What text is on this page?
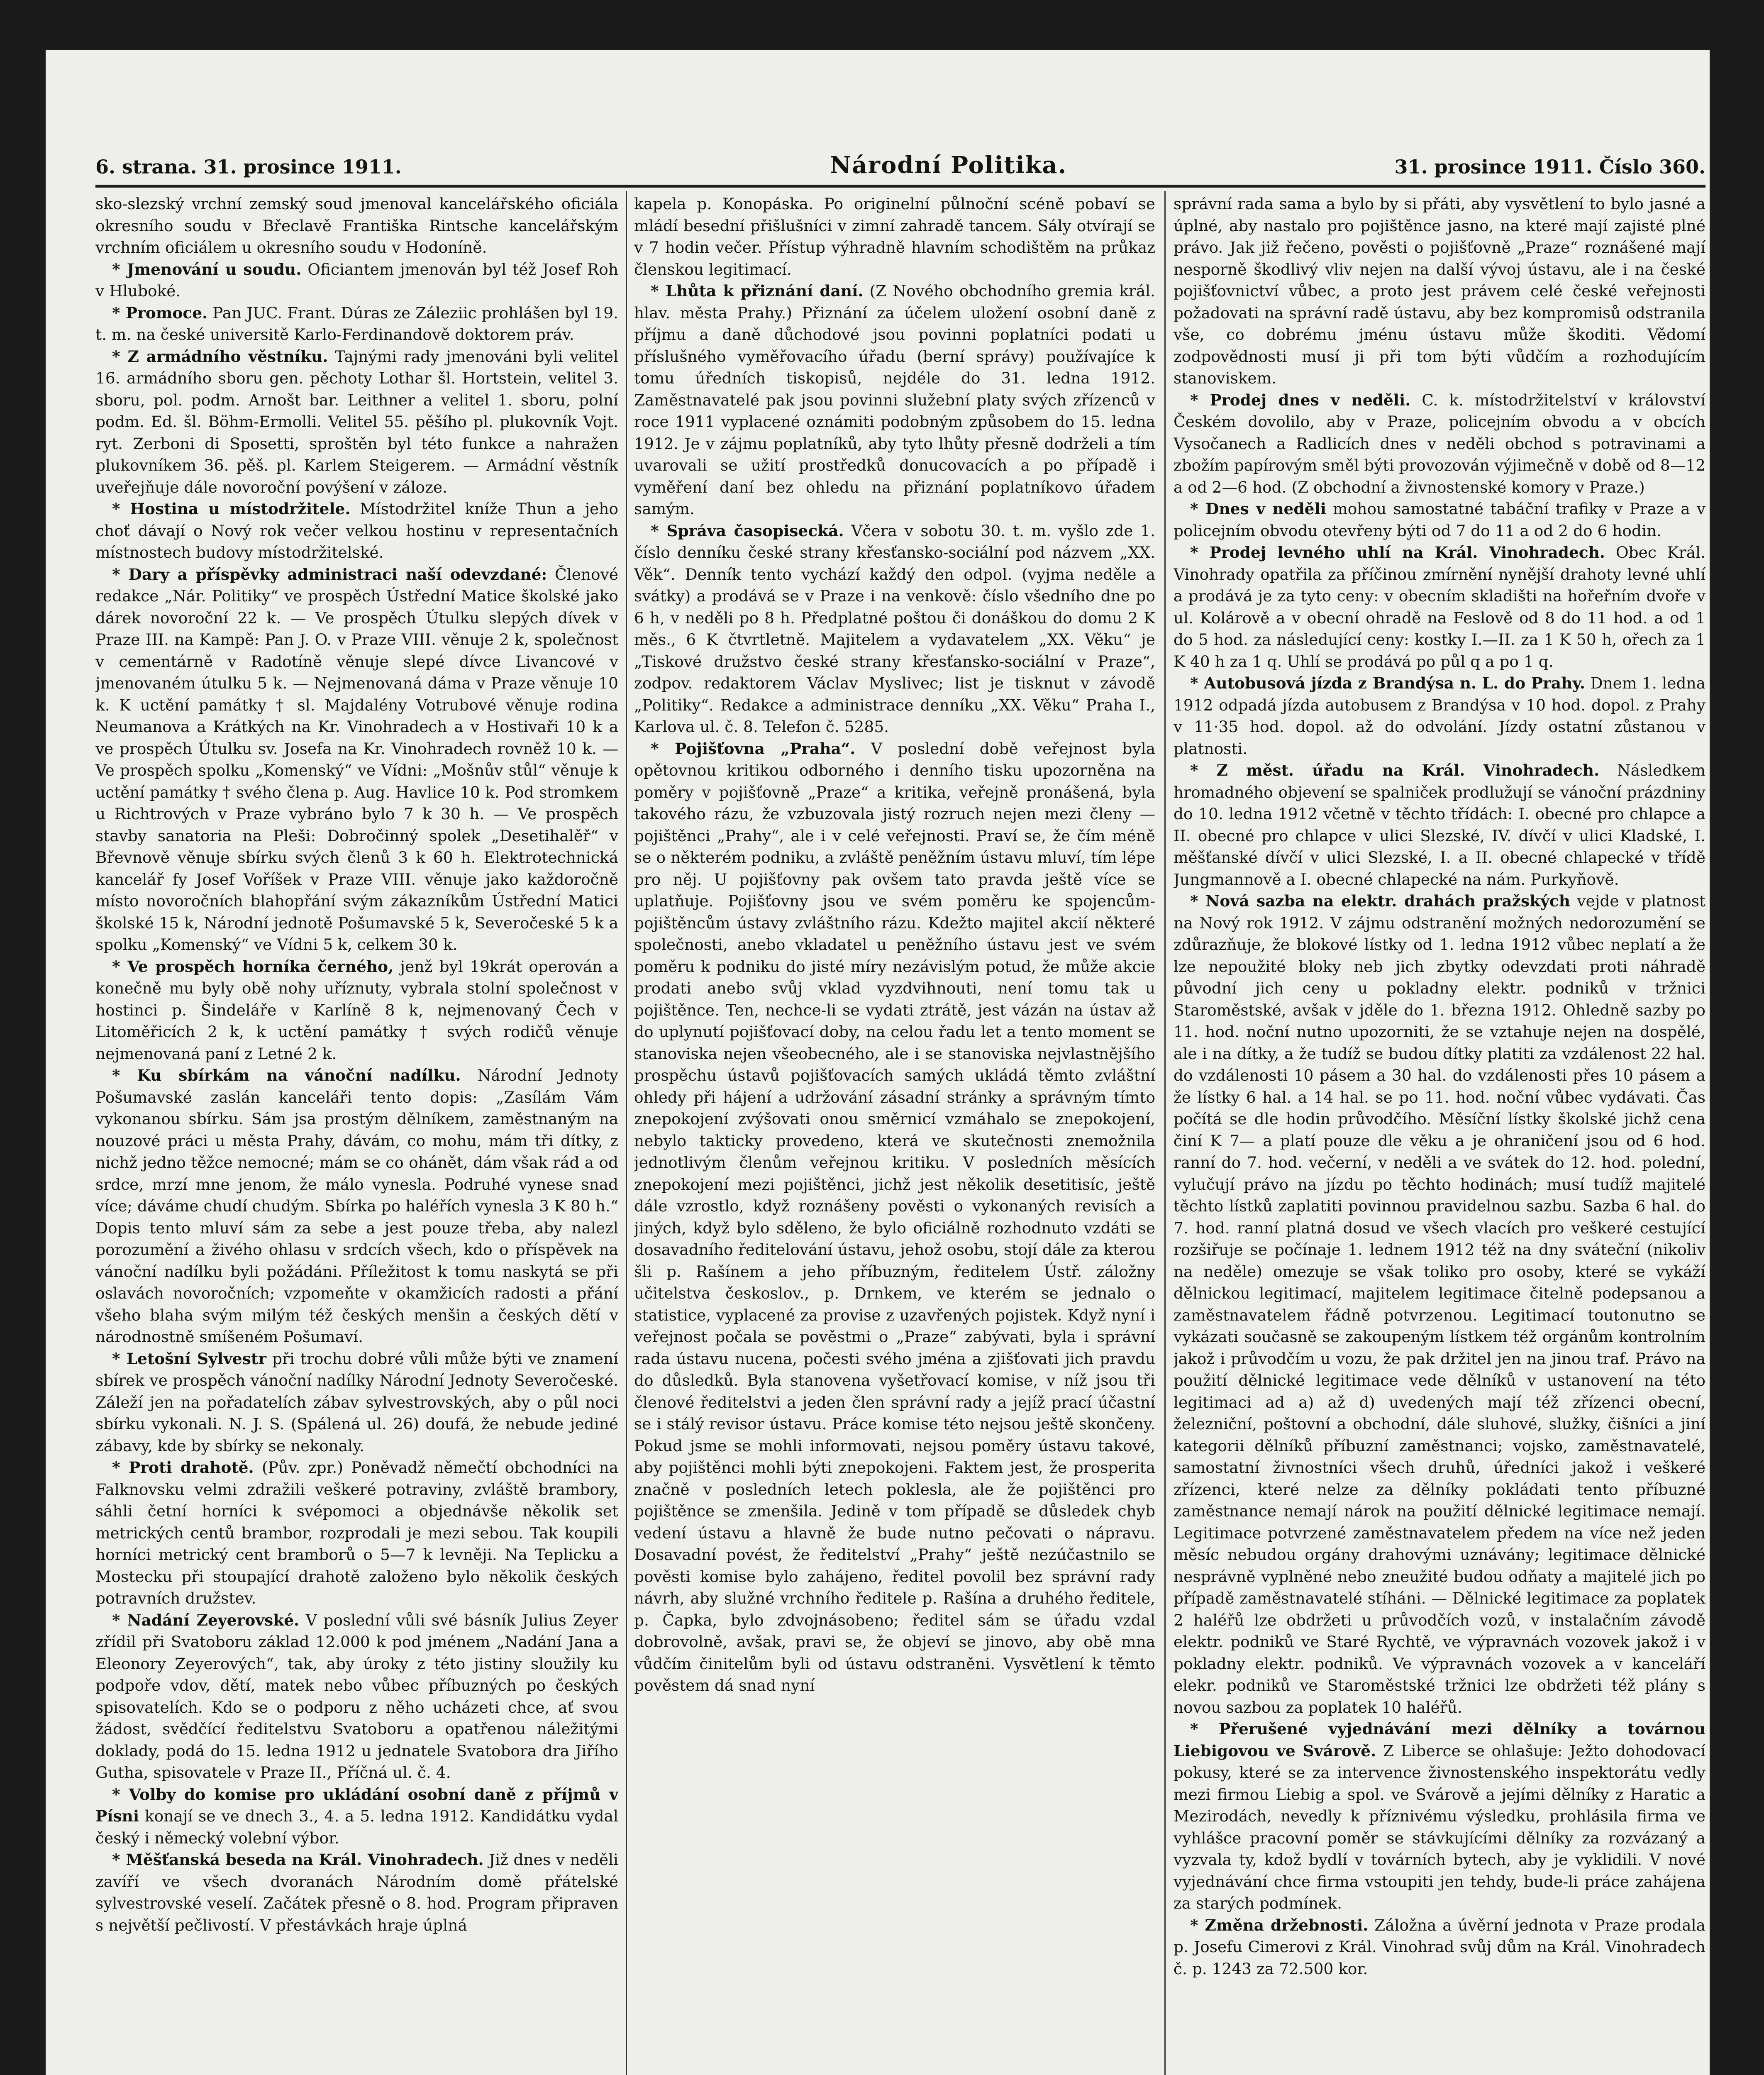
6. strana. 31. prosince 1911.	Národní Politika.	31. prosince 1911. Číslo 360.

sko-slezský vrchní zemský soud jmenoval kancelářského oficiála okresního soudu v Břeclavě Františka Rintsche kancelářským vrchním oficiálem u okresního soudu v Hodoníně.

* Jmenování u soudu. Oficiantem jmenován byl též Josef Roh v Hluboké.

* Promoce. Pan JUC. Frant. Dúras ze Záleziic prohlášen byl 19. t. m. na české universitě Karlo-Ferdinandově doktorem práv.

* Z armádního věstníku. Tajnými rady jmenováni byli velitel 16. armádního sboru gen. pěchoty Lothar šl. Hortstein, velitel 3. sboru, pol. podm. Arnošt bar. Leithner a velitel 1. sboru, polní podm. Ed. šl. Böhm-Ermolli. Velitel 55. pěšího pl. plukovník Vojt. ryt. Zerboni di Sposetti, sproštěn byl této funkce a nahražen plukovníkem 36. pěš. pl. Karlem Steigerem. — Armádní věstník uveřejňuje dále novoroční povýšení v záloze.

* Hostina u místodržitele. Místodržitel kníže Thun a jeho choť dávají o Nový rok večer velkou hostinu v representačních místnostech budovy místodržitelské.

* Dary a příspěvky administraci naší odevzdané: Členové redakce „Nár. Politiky“ ve prospěch Ústřední Matice školské jako dárek novoroční 22 k. — Ve prospěch Útulku slepých dívek v Praze III. na Kampě: Pan J. O. v Praze VIII. věnuje 2 k, společnost v cementárně v Radotíně věnuje slepé dívce Livancové v jmenovaném útulku 5 k. — Nejmenovaná dáma v Praze věnuje 10 k. K uctění památky † sl. Majdalény Votrubové věnuje rodina Neumanova a Krátkých na Kr. Vinohradech a v Hostivaři 10 k a ve prospěch Útulku sv. Josefa na Kr. Vinohradech rovněž 10 k. — Ve prospěch spolku „Komenský“ ve Vídni: „Mošnův stůl“ věnuje k uctění památky † svého člena p. Aug. Havlice 10 k. Pod stromkem u Richtrových v Praze vybráno bylo 7 k 30 h. — Ve prospěch stavby sanatoria na Pleši: Dobročinný spolek „Desetihalěř“ v Břevnově věnuje sbírku svých členů 3 k 60 h. Elektrotechnická kancelář fy Josef Voříšek v Praze VIII. věnuje jako každoročně místo novoročních blahopřání svým zákazníkům Ústřední Matici školské 15 k, Národní jednotě Pošumavské 5 k, Severočeské 5 k a spolku „Komenský“ ve Vídni 5 k, celkem 30 k.

* Ve prospěch horníka černého, jenž byl 19krát operován a konečně mu byly obě nohy uříznuty, vybrala stolní společnost v hostinci p. Šindeláře v Karlíně 8 k, nejmenovaný Čech v Litoměřicích 2 k, k uctění památky † svých rodičů věnuje nejmenovaná paní z Letné 2 k.

* Ku sbírkám na vánoční nadílku. Národní Jednoty Pošumavské zaslán kanceláři tento dopis: „Zasílám Vám vykonanou sbírku. Sám jsa prostým dělníkem, zaměstnaným na nouzové práci u města Prahy, dávám, co mohu, mám tři dítky, z nichž jedno těžce nemocné; mám se co ohánět, dám však rád a od srdce, mrzí mne jenom, že málo vynesla. Podruhé vynese snad více; dáváme chudí chudým. Sbírka po haléřích vynesla 3 K 80 h.“ Dopis tento mluví sám za sebe a jest pouze třeba, aby nalezl porozumění a živého ohlasu v srdcích všech, kdo o příspěvek na vánoční nadílku byli požádáni. Příležitost k tomu naskytá se při oslavách novoročních; vzpomeňte v okamžicích radosti a přání všeho blaha svým milým též českých menšin a českých dětí v národnostně smíšeném Pošumaví.

* Letošní Sylvestr při trochu dobré vůli může býti ve znamení sbírek ve prospěch vánoční nadílky Národní Jednoty Severočeské. Záleží jen na pořadatelích zábav sylvestrovských, aby o půl noci sbírku vykonali. N. J. S. (Spálená ul. 26) doufá, že nebude jediné zábavy, kde by sbírky se nekonaly.

* Proti drahotě. (Pův. zpr.) Poněvadž němečtí obchodníci na Falknovsku velmi zdražili veškeré potraviny, zvláště brambory, sáhli četní horníci k svépomoci a objednávše několik set metrických centů brambor, rozprodali je mezi sebou. Tak koupili horníci metrický cent bramborů o 5—7 k levněji. Na Teplicku a Mostecku při stoupající drahotě založeno bylo několik českých potravních družstev.

* Nadání Zeyerovské. V poslední vůli své básník Julius Zeyer zřídil při Svatoboru základ 12.000 k pod jménem „Nadání Jana a Eleonory Zeyerových“, tak, aby úroky z této jistiny sloužily ku podpoře vdov, dětí, matek nebo vůbec příbuzných po českých spisovatelích. Kdo se o podporu z něho ucházeti chce, ať svou žádost, svědčící ředitelstvu Svatoboru a opatřenou náležitými doklady, podá do 15. ledna 1912 u jednatele Svatobora dra Jiřího Gutha, spisovatele v Praze II., Příčná ul. č. 4.

* Volby do komise pro ukládání osobní daně z příjmů v Písni konají se ve dnech 3., 4. a 5. ledna 1912. Kandidátku vydal český i německý volební výbor.

* Měšťanská beseda na Král. Vinohradech. Již dnes v neděli zavíří ve všech dvoranách Národním domě přátelské sylvestrovské veselí. Začátek přesně o 8. hod. Program připraven s největší pečlivostí. V přestávkách hraje úplná

kapela p. Konopáska. Po originelní půlnoční scéně pobaví se mládí besední přišlušníci v zimní zahradě tancem. Sály otvírají se v 7 hodin večer. Přístup výhradně hlavním schodištěm na průkaz členskou legitimací.

* Lhůta k přiznání daní. (Z Nového obchodního gremia král. hlav. města Prahy.) Přiznání za účelem uložení osobní daně z příjmu a daně důchodové jsou povinni poplatníci podati u příslušného vyměřovacího úřadu (berní správy) používajíce k tomu úředních tiskopisů, nejdéle do 31. ledna 1912. Zaměstnavatelé pak jsou povinni služební platy svých zřízenců v roce 1911 vyplacené oznámiti podobným způsobem do 15. ledna 1912. Je v zájmu poplatníků, aby tyto lhůty přesně dodrželi a tím uvarovali se užití prostředků donucovacích a po případě i vyměření daní bez ohledu na přiznání poplatníkovo úřadem samým.

* Správa časopisecká. Včera v sobotu 30. t. m. vyšlo zde 1. číslo denníku české strany křesťansko-sociální pod názvem „XX. Věk“. Denník tento vychází každý den odpol. (vyjma neděle a svátky) a prodává se v Praze i na venkově: číslo všedního dne po 6 h, v neděli po 8 h. Předplatné poštou či donáškou do domu 2 K měs., 6 K čtvrtletně. Majitelem a vydavatelem „XX. Věku“ je „Tiskové družstvo české strany křesťansko-sociální v Praze“, zodpov. redaktorem Václav Myslivec; list je tisknut v závodě „Politiky“. Redakce a administrace denníku „XX. Věku“ Praha I., Karlova ul. č. 8. Telefon č. 5285.

* Pojišťovna „Praha“. V poslední době veřejnost byla opětovnou kritikou odborného i denního tisku upozorněna na poměry v pojišťovně „Praze“ a kritika, veřejně pronášená, byla takového rázu, že vzbuzovala jistý rozruch nejen mezi členy — pojištěnci „Prahy“, ale i v celé veřejnosti. Praví se, že čím méně se o některém podniku, a zvláště peněžním ústavu mluví, tím lépe pro něj. U pojišťovny pak ovšem tato pravda ještě více se uplatňuje. Pojišťovny jsou ve svém poměru ke spojencům-pojištěncům ústavy zvláštního rázu. Kdežto majitel akcií některé společnosti, anebo vkladatel u peněžního ústavu jest ve svém poměru k podniku do jisté míry nezávislým potud, že může akcie prodati anebo svůj vklad vyzdvihnouti, není tomu tak u pojištěnce. Ten, nechce-li se vydati ztrátě, jest vázán na ústav až do uplynutí pojišťovací doby, na celou řadu let a tento moment se stanoviska nejen všeobecného, ale i se stanoviska nejvlastnějšího prospěchu ústavů pojišťovacích samých ukládá těmto zvláštní ohledy při hájení a udržování zásadní stránky a správným tímto znepokojení zvýšovati onou směrnicí vzmáhalo se znepokojení, nebylo takticky provedeno, která ve skutečnosti znemožnila jednotlivým členům veřejnou kritiku. V posledních měsících znepokojení mezi pojištěnci, jichž jest několik desetitisíc, ještě dále vzrostlo, když roznášeny pověsti o vykonaných revisích a jiných, když bylo sděleno, že bylo oficiálně rozhodnuto vzdáti se dosavadního ředitelování ústavu, jehož osobu, stojí dále za kterou šli p. Rašínem a jeho příbuzným, ředitelem Ústř. záložny učitelstva českoslov., p. Drnkem, ve kterém se jednalo o statistice, vyplacené za provise z uzavřených pojistek. Když nyní i veřejnost počala se pověstmi o „Praze“ zabývati, byla i správní rada ústavu nucena, počesti svého jména a zjišťovati jich pravdu do důsledků. Byla stanovena vyšetřovací komise, v níž jsou tři členové ředitelstvi a jeden člen správní rady a jejíž prací účastní se i stálý revisor ústavu. Práce komise této nejsou ještě skončeny. Pokud jsme se mohli informovati, nejsou poměry ústavu takové, aby pojištěnci mohli býti znepokojeni. Faktem jest, že prosperita značně v posledních letech poklesla, ale že pojištěnci pro pojištěnce se zmenšila. Jedině v tom případě se důsledek chyb vedení ústavu a hlavně že bude nutno pečovati o nápravu. Dosavadní povést, že ředitelství „Prahy“ ještě nezúčastnilo se pověsti komise bylo zahájeno, ředitel povolil bez správní rady návrh, aby služné vrchního ředitele p. Rašína a druhého ředitele, p. Čapka, bylo zdvojnásobeno; ředitel sám se úřadu vzdal dobrovolně, avšak, pravi se, že objeví se jinovo, aby obě mna vůdčím činitelům byli od ústavu odstraněni. Vysvětlení k těmto pověstem dá snad nyní

správní rada sama a bylo by si přáti, aby vysvětlení to bylo jasné a úplné, aby nastalo pro pojištěnce jasno, na které mají zajisté plné právo. Jak již řečeno, pověsti o pojišťovně „Praze“ roznášené mají nesporně škodlivý vliv nejen na další vývoj ústavu, ale i na české pojišťovnictví vůbec, a proto jest právem celé české veřejnosti požadovati na správní radě ústavu, aby bez kompromisů odstranila vše, co dobrému jménu ústavu může škoditi. Vědomí zodpovědnosti musí ji při tom býti vůdčím a rozhodujícím stanoviskem.

* Prodej dnes v neděli. C. k. místodržitelství v království Českém dovolilo, aby v Praze, policejním obvodu a v obcích Vysočanech a Radlicích dnes v neděli obchod s potravinami a zbožím papírovým směl býti provozován výjimečně v době od 8—12 a od 2—6 hod. (Z obchodní a živnostenské komory v Praze.)

* Dnes v neděli mohou samostatné tabáční trafiky v Praze a v policejním obvodu otevřeny býti od 7 do 11 a od 2 do 6 hodin.

* Prodej levného uhlí na Král. Vinohradech. Obec Král. Vinohrady opatřila za příčinou zmírnění nynější drahoty levné uhlí a prodává je za tyto ceny: v obecním skladišti na hořeřním dvoře v ul. Kolárově a v obecní ohradě na Feslově od 8 do 11 hod. a od 1 do 5 hod. za následující ceny: kostky I.—II. za 1 K 50 h, ořech za 1 K 40 h za 1 q. Uhlí se prodává po půl q a po 1 q.

* Autobusová jízda z Brandýsa n. L. do Prahy. Dnem 1. ledna 1912 odpadá jízda autobusem z Brandýsa v 10 hod. dopol. z Prahy v 11·35 hod. dopol. až do odvolání. Jízdy ostatní zůstanou v platnosti.

* Z měst. úřadu na Král. Vinohradech. Následkem hromadného objevení se spalniček prodlužují se vánoční prázdniny do 10. ledna 1912 včetně v těchto třídách: I. obecné pro chlapce a II. obecné pro chlapce v ulici Slezské, IV. dívčí v ulici Kladské, I. měšťanské dívčí v ulici Slezské, I. a II. obecné chlapecké v třídě Jungmannově a I. obecné chlapecké na nám. Purkyňově.

* Nová sazba na elektr. drahách pražských vejde v platnost na Nový rok 1912. V zájmu odstranění možných nedorozumění se zdůrazňuje, že blokové lístky od 1. ledna 1912 vůbec neplatí a že lze nepoužité bloky neb jich zbytky odevzdati proti náhradě původní jich ceny u pokladny elektr. podniků v tržnici Staroměstské, avšak v jděle do 1. března 1912. Ohledně sazby po 11. hod. noční nutno upozorniti, že se vztahuje nejen na dospělé, ale i na dítky, a že tudíž se budou dítky platiti za vzdálenost 22 hal. do vzdálenosti 10 pásem a 30 hal. do vzdálenosti přes 10 pásem a že lístky 6 hal. a 14 hal. se po 11. hod. noční vůbec vydávati. Čas počítá se dle hodin průvodčího. Měsíční lístky školské jichž cena činí K 7— a platí pouze dle věku a je ohraničení jsou od 6 hod. ranní do 7. hod. večerní, v neděli a ve svátek do 12. hod. polední, vylučují právo na jízdu po těchto hodinách; musí tudíž majitelé těchto lístků zaplatiti povinnou pravidelnou sazbu. Sazba 6 hal. do 7. hod. ranní platná dosud ve všech vlacích pro veškeré cestující rozšiřuje se počínaje 1. lednem 1912 též na dny sváteční (nikoliv na neděle) omezuje se však toliko pro osoby, které se vykáží dělnickou legitimací, majitelem legitimace čitelně podepsanou a zaměstnavatelem řádně potvrzenou. Legitimací toutonutno se vykázati současně se zakoupeným lístkem též orgánům kontrolním jakož i průvodčím u vozu, že pak držitel jen na jinou traf. Právo na použití dělnické legitimace vede dělníků v ustanovení na této legitimaci ad a) až d) uvedených mají též zřízenci obecní, železniční, poštovní a obchodní, dále sluhové, služky, čišníci a jiní kategorii dělníků příbuzní zaměstnanci; vojsko, zaměstnavatelé, samostatní živnostníci všech druhů, úředníci jakož i veškeré zřízenci, které nelze za dělníky pokládati tento příbuzné zaměstnance nemají nárok na použití dělnické legitimace nemají. Legitimace potvrzené zaměstnavatelem předem na více než jeden měsíc nebudou orgány drahovými uznávány; legitimace dělnické nesprávně vyplněné nebo zneužité budou odňaty a majitelé jich po případě zaměstnavatelé stíháni. — Dělnické legitimace za poplatek 2 haléřů lze obdržeti u průvodčích vozů, v instalačním závodě elektr. podniků ve Staré Rychtě, ve výpravnách vozovek jakož i v pokladny elektr. podniků. Ve výpravnách vozovek a v kanceláří elekr. podniků ve Staroměstské tržnici lze obdržeti též plány s novou sazbou za poplatek 10 haléřů.

* Přerušené vyjednávání mezi dělníky a továrnou Liebigovou ve Svárově. Z Liberce se ohlašuje: Ježto dohodovací pokusy, které se za intervence živnostenského inspektorátu vedly mezi firmou Liebig a spol. ve Svárově a jejími dělníky z Haratic a Mezirodách, nevedly k příznivému výsledku, prohlásila firma ve vyhlášce pracovní poměr se stávkujícími dělníky za rozvázaný a vyzvala ty, kdož bydlí v továrních bytech, aby je vyklidili. V nové vyjednávání chce firma vstoupiti jen tehdy, bude-li práce zahájena za starých podmínek.

* Změna držebnosti. Záložna a úvěrní jednota v Praze prodala p. Josefu Cimerovi z Král. Vinohrad svůj dům na Král. Vinohradech č. p. 1243 za 72.500 kor.
